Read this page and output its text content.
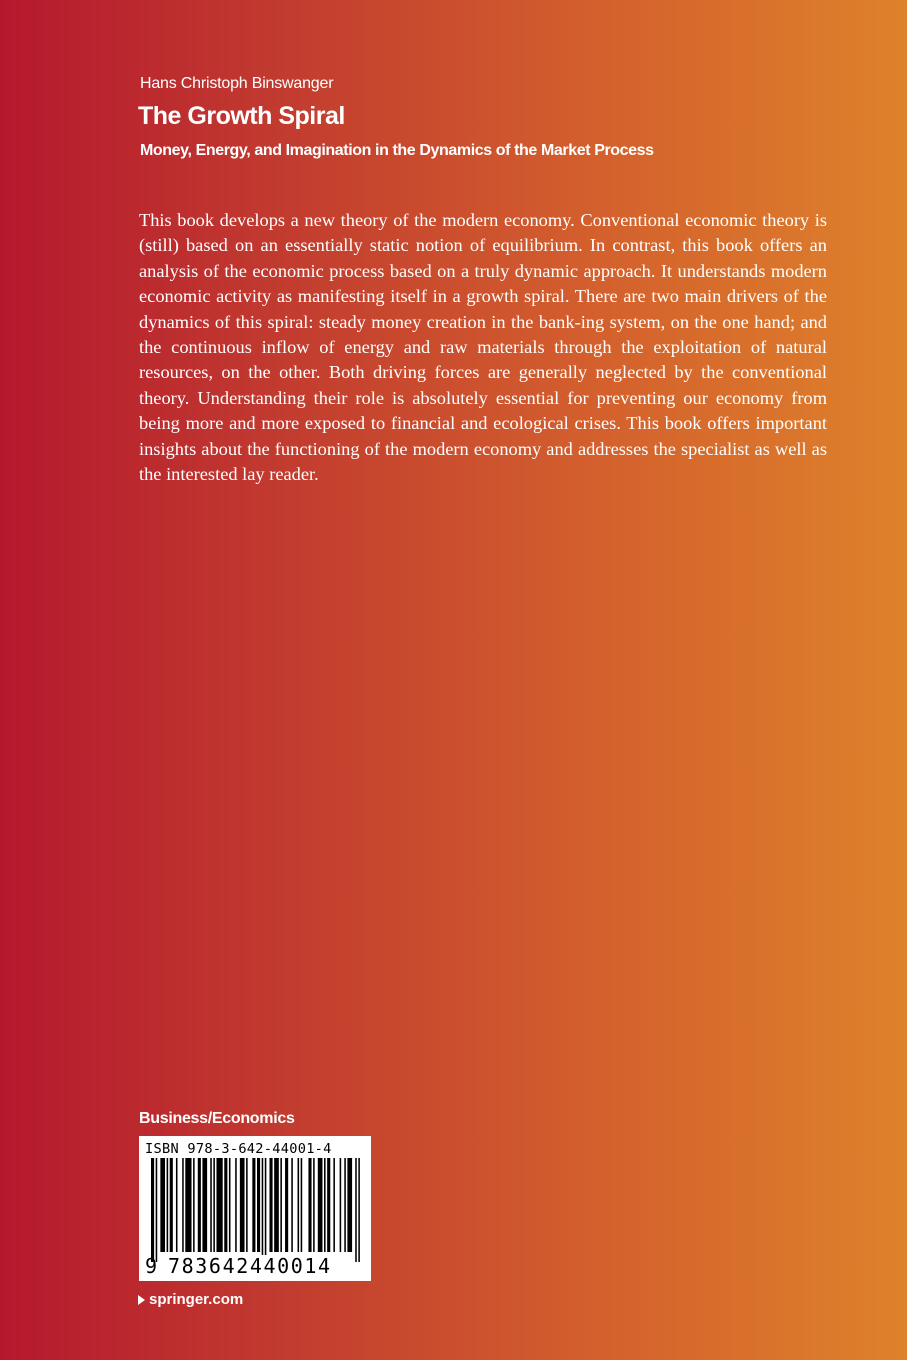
Hans Christoph Binswanger
The Growth Spiral
Money, Energy, and Imagination in the Dynamics of the Market Process

This book develops a new theory of the modern economy. Conventional economic theory is (still) based on an essentially static notion of equilibrium. In contrast, this book offers an analysis of the economic process based on a truly dynamic approach. It understands modern economic activity as manifesting itself in a growth spiral. There are two main drivers of the dynamics of this spiral: steady money creation in the bank-ing system, on the one hand; and the continuous inflow of energy and raw materials through the exploitation of natural resources, on the other. Both driving forces are generally neglected by the conventional theory. Understanding their role is absolutely essential for preventing our economy from being more and more exposed to financial and ecological crises. This book offers important insights about the functioning of the modern economy and addresses the specialist as well as the interested lay reader.

Business/Economics
ISBN 978-3-642-44001-4
9 783642440014
springer.com
